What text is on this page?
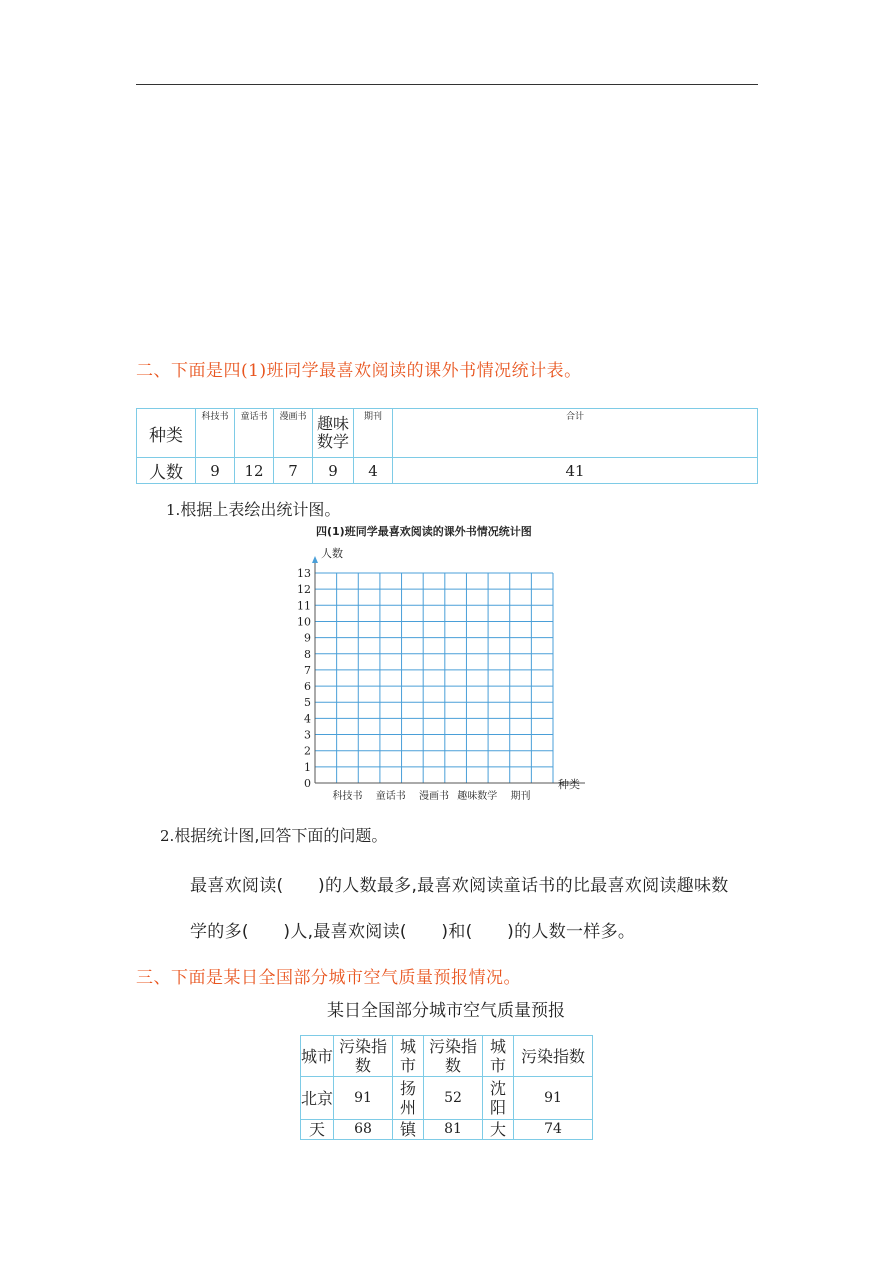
二、下面是四(1)班同学最喜欢阅读的课外书情况统计表。
种类	科技书	童话书	漫画书	趣味数学	期刊	合计
人数	9	12	7	9	4	41
1.根据上表绘出统计图。
四(1)班同学最喜欢阅读的课外书情况统计图
0
1
2
3
4
5
6
7
8
9
10
11
12
13
人数
种类
科技书 童话书 漫画书 趣味数学 期刊
2.根据统计图,回答下面的问题。
最喜欢阅读(　　)的人数最多,最喜欢阅读童话书的比最喜欢阅读趣味数
学的多(　　)人,最喜欢阅读(　　)和(　　)的人数一样多。
三、下面是某日全国部分城市空气质量预报情况。
某日全国部分城市空气质量预报
城市	污染指数	城市	污染指数	城市	污染指数
北京	91	扬州	52	沈阳	91
天	68	镇	81	大	74
